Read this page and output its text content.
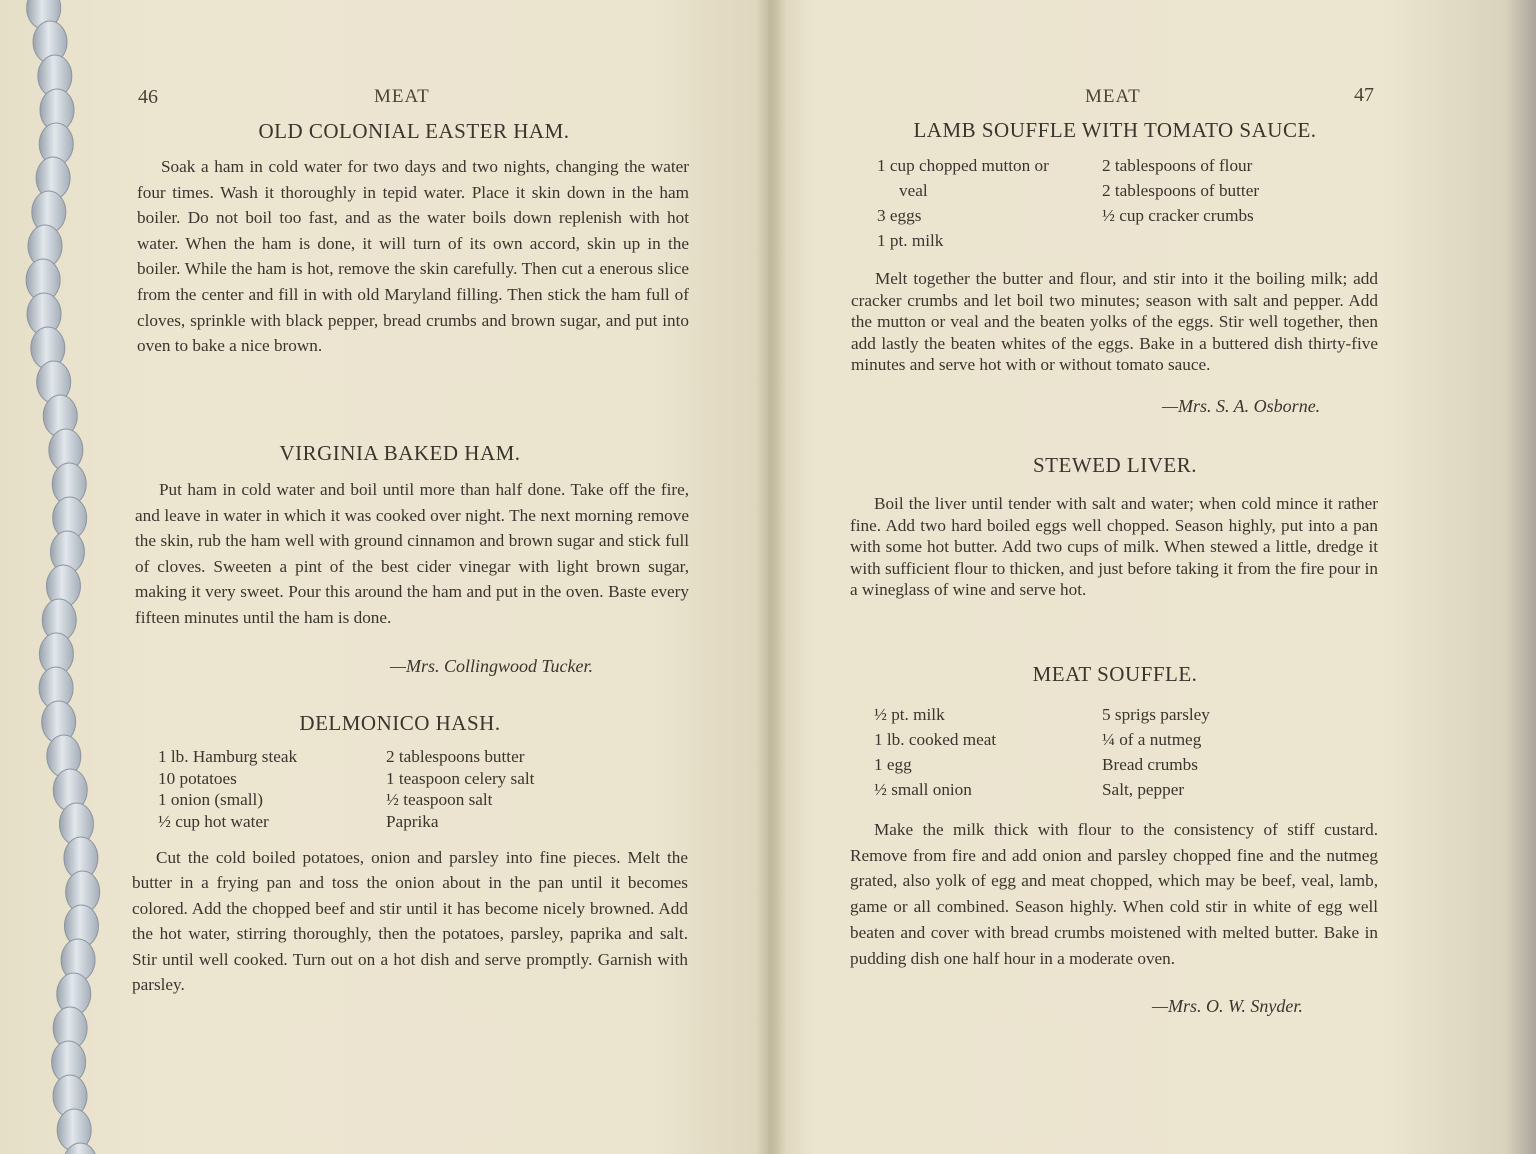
46	MEAT
OLD COLONIAL EASTER HAM.

Soak a ham in cold water for two days and two nights, changing the water four times. Wash it thoroughly in tepid water. Place it skin down in the ham boiler. Do not boil too fast, and as the water boils down replenish with hot water. When the ham is done, it will turn of its own accord, skin up in the boiler. While the ham is hot, remove the skin carefully. Then cut a enerous slice from the center and fill in with old Maryland filling. Then stick the ham full of cloves, sprinkle with black pepper, bread crumbs and brown sugar, and put into oven to bake a nice brown.

VIRGINIA BAKED HAM.

Put ham in cold water and boil until more than half done. Take off the fire, and leave in water in which it was cooked over night. The next morning remove the skin, rub the ham well with ground cinnamon and brown sugar and stick full of cloves. Sweeten a pint of the best cider vinegar with light brown sugar, making it very sweet. Pour this around the ham and put in the oven. Baste every fifteen minutes until the ham is done.

—Mrs. Collingwood Tucker.
DELMONICO HASH.
1 lb. Hamburg steak
10 potatoes
1 onion (small)
½ cup hot water
2 tablespoons butter
1 teaspoon celery salt
½ teaspoon salt
Paprika

Cut the cold boiled potatoes, onion and parsley into fine pieces. Melt the butter in a frying pan and toss the onion about in the pan until it becomes colored. Add the chopped beef and stir until it has become nicely browned. Add the hot water, stirring thoroughly, then the potatoes, parsley, paprika and salt. Stir until well cooked. Turn out on a hot dish and serve promptly. Garnish with parsley.

MEAT	47
LAMB SOUFFLE WITH TOMATO SAUCE.
1 cup chopped mutton or
veal
3 eggs
1 pt. milk
2 tablespoons of flour
2 tablespoons of butter
½ cup cracker crumbs

Melt together the butter and flour, and stir into it the boiling milk; add cracker crumbs and let boil two minutes; season with salt and pepper. Add the mutton or veal and the beaten yolks of the eggs. Stir well together, then add lastly the beaten whites of the eggs. Bake in a buttered dish thirty-five minutes and serve hot with or without tomato sauce.

—Mrs. S. A. Osborne.
STEWED LIVER.

Boil the liver until tender with salt and water; when cold mince it rather fine. Add two hard boiled eggs well chopped. Season highly, put into a pan with some hot butter. Add two cups of milk. When stewed a little, dredge it with sufficient flour to thicken, and just before taking it from the fire pour in a wineglass of wine and serve hot.

MEAT SOUFFLE.
½ pt. milk
1 lb. cooked meat
1 egg
½ small onion
5 sprigs parsley
¼ of a nutmeg
Bread crumbs
Salt, pepper

Make the milk thick with flour to the consistency of stiff custard. Remove from fire and add onion and parsley chopped fine and the nutmeg grated, also yolk of egg and meat chopped, which may be beef, veal, lamb, game or all combined. Season highly. When cold stir in white of egg well beaten and cover with bread crumbs moistened with melted butter. Bake in pudding dish one half hour in a moderate oven.

—Mrs. O. W. Snyder.
